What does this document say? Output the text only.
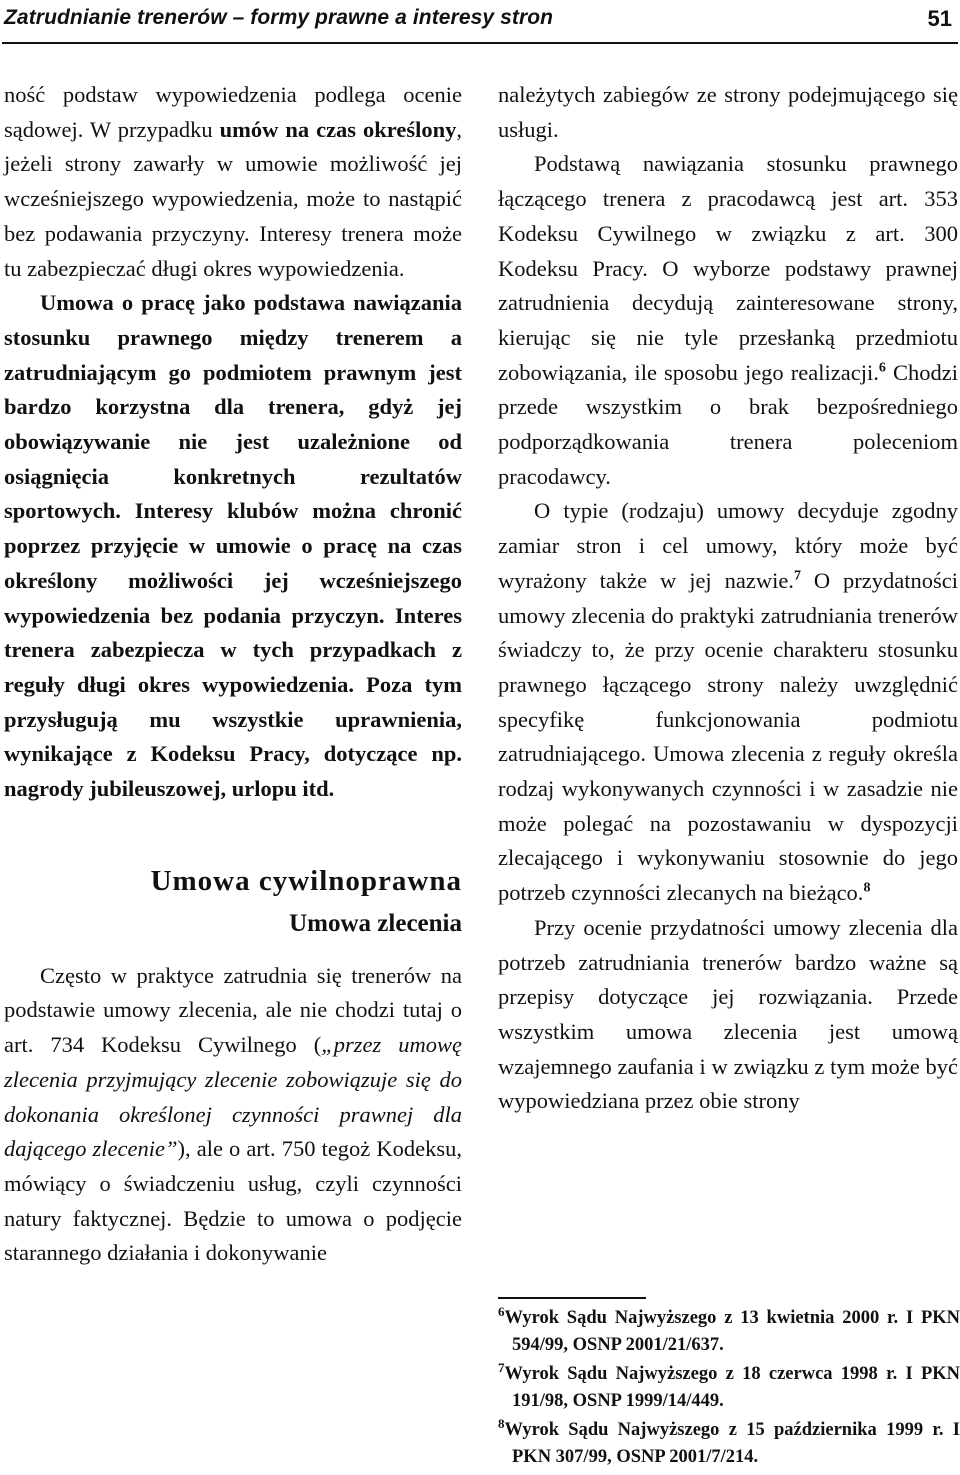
Zatrudnianie trenerów – formy prawne a interesy stron	51

ność podstaw wypowiedzenia podlega ocenie sądowej. W przypadku umów na czas określony, jeżeli strony zawarły w umowie możliwość jej wcześniejszego wypowiedzenia, może to nastąpić bez podawania przyczyny. Interesy trenera może tu zabezpieczać długi okres wypowiedzenia.

Umowa o pracę jako podstawa nawiązania stosunku prawnego między trenerem a zatrudniającym go podmiotem prawnym jest bardzo korzystna dla trenera, gdyż jej obowiązywanie nie jest uzależnione od osiągnięcia konkretnych rezultatów sportowych. Interesy klubów można chronić poprzez przyjęcie w umowie o pracę na czas określony możliwości jej wcześniejszego wypowiedzenia bez podania przyczyn. Interes trenera zabezpiecza w tych przypadkach z reguły długi okres wypowiedzenia. Poza tym przysługują mu wszystkie uprawnienia, wynikające z Kodeksu Pracy, dotyczące np. nagrody jubileuszowej, urlopu itd.

Umowa cywilnoprawna
Umowa zlecenia

Często w praktyce zatrudnia się trenerów na podstawie umowy zlecenia, ale nie chodzi tutaj o art. 734 Kodeksu Cywilnego („przez umowę zlecenia przyjmujący zlecenie zobowiązuje się do dokonania określonej czynności prawnej dla dającego zlecenie”), ale o art. 750 tegoż Kodeksu, mówiący o świadczeniu usług, czyli czynności natury faktycznej. Będzie to umowa o podjęcie starannego działania i dokonywanie

należytych zabiegów ze strony podejmującego się usługi.

Podstawą nawiązania stosunku prawnego łączącego trenera z pracodawcą jest art. 353 Kodeksu Cywilnego w związku z art. 300 Kodeksu Pracy. O wyborze podstawy prawnej zatrudnienia decydują zainteresowane strony, kierując się nie tyle przesłanką przedmiotu zobowiązania, ile sposobu jego realizacji.$^6$ Chodzi przede wszystkim o brak bezpośredniego podporządkowania trenera poleceniom pracodawcy.

O typie (rodzaju) umowy decyduje zgodny zamiar stron i cel umowy, który może być wyrażony także w jej nazwie.$^7$ O przydatności umowy zlecenia do praktyki zatrudniania trenerów świadczy to, że przy ocenie charakteru stosunku prawnego łączącego strony należy uwzględnić specyfikę funkcjonowania podmiotu zatrudniającego. Umowa zlecenia z reguły określa rodzaj wykonywanych czynności i w zasadzie nie może polegać na pozostawaniu w dyspozycji zlecającego i wykonywaniu stosownie do jego potrzeb czynności zlecanych na bieżąco.$^8$

Przy ocenie przydatności umowy zlecenia dla potrzeb zatrudniania trenerów bardzo ważne są przepisy dotyczące jej rozwiązania. Przede wszystkim umowa zlecenia jest umową wzajemnego zaufania i w związku z tym może być wypowiedziana przez obie strony

$^6$Wyrok Sądu Najwyższego z 13 kwietnia 2000 r. I PKN 594/99, OSNP 2001/21/637.

$^7$Wyrok Sądu Najwyższego z 18 czerwca 1998 r. I PKN 191/98, OSNP 1999/14/449.

$^8$Wyrok Sądu Najwyższego z 15 października 1999 r. I PKN 307/99, OSNP 2001/7/214.
